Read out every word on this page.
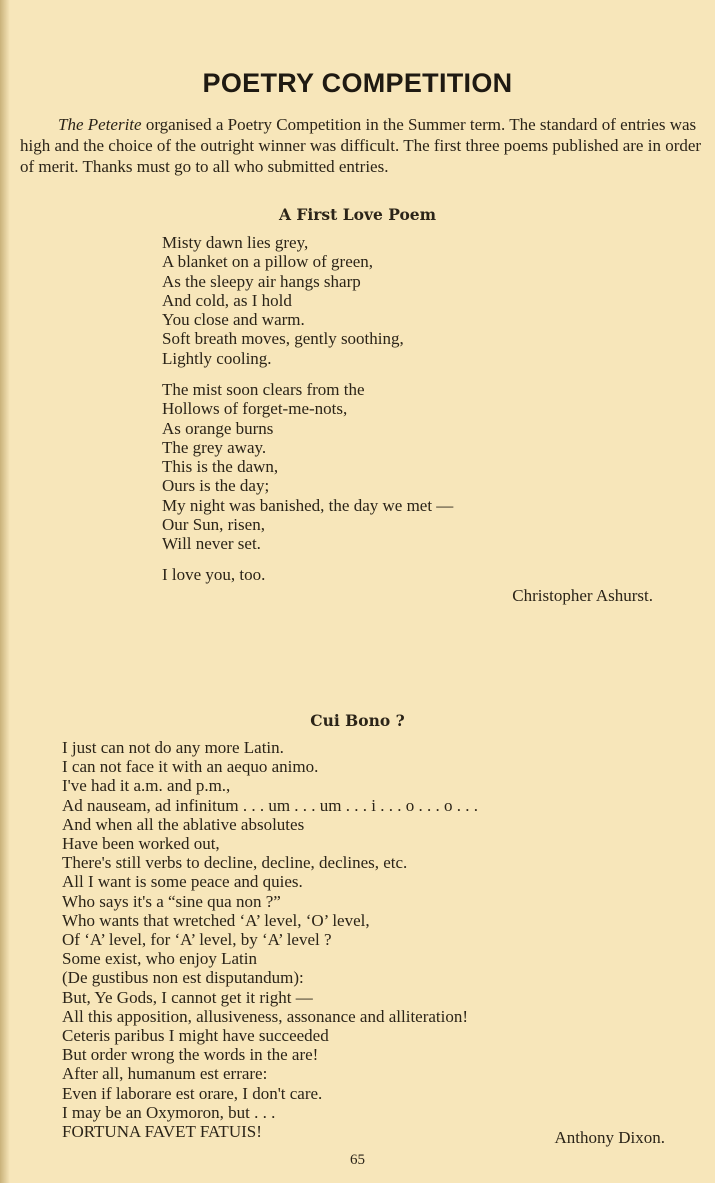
POETRY COMPETITION

The Peterite organised a Poetry Competition in the Summer term. The standard of entries was high and the choice of the outright winner was difficult. The first three poems published are in order of merit. Thanks must go to all who submitted entries.

A First Love Poem
Misty dawn lies grey,
A blanket on a pillow of green,
As the sleepy air hangs sharp
And cold, as I hold
You close and warm.
Soft breath moves, gently soothing,
Lightly cooling.
The mist soon clears from the
Hollows of forget-me-nots,
As orange burns
The grey away.
This is the dawn,
Ours is the day;
My night was banished, the day we met —
Our Sun, risen,
Will never set.
I love you, too.
Christopher Ashurst.
Cui Bono ?
I just can not do any more Latin.
I can not face it with an aequo animo.
I've had it a.m. and p.m.,
Ad nauseam, ad infinitum . . . um . . . um . . . i . . . o . . . o . . .
And when all the ablative absolutes
Have been worked out,
There's still verbs to decline, decline, declines, etc.
All I want is some peace and quies.
Who says it's a “sine qua non ?”
Who wants that wretched ‘A’ level, ‘O’ level,
Of ‘A’ level, for ‘A’ level, by ‘A’ level ?
Some exist, who enjoy Latin
(De gustibus non est disputandum):
But, Ye Gods, I cannot get it right —
All this apposition, allusiveness, assonance and alliteration!
Ceteris paribus I might have succeeded
But order wrong the words in the are!
After all, humanum est errare:
Even if laborare est orare, I don't care.
I may be an Oxymoron, but . . .
FORTUNA FAVET FATUIS!	Anthony Dixon.
65
